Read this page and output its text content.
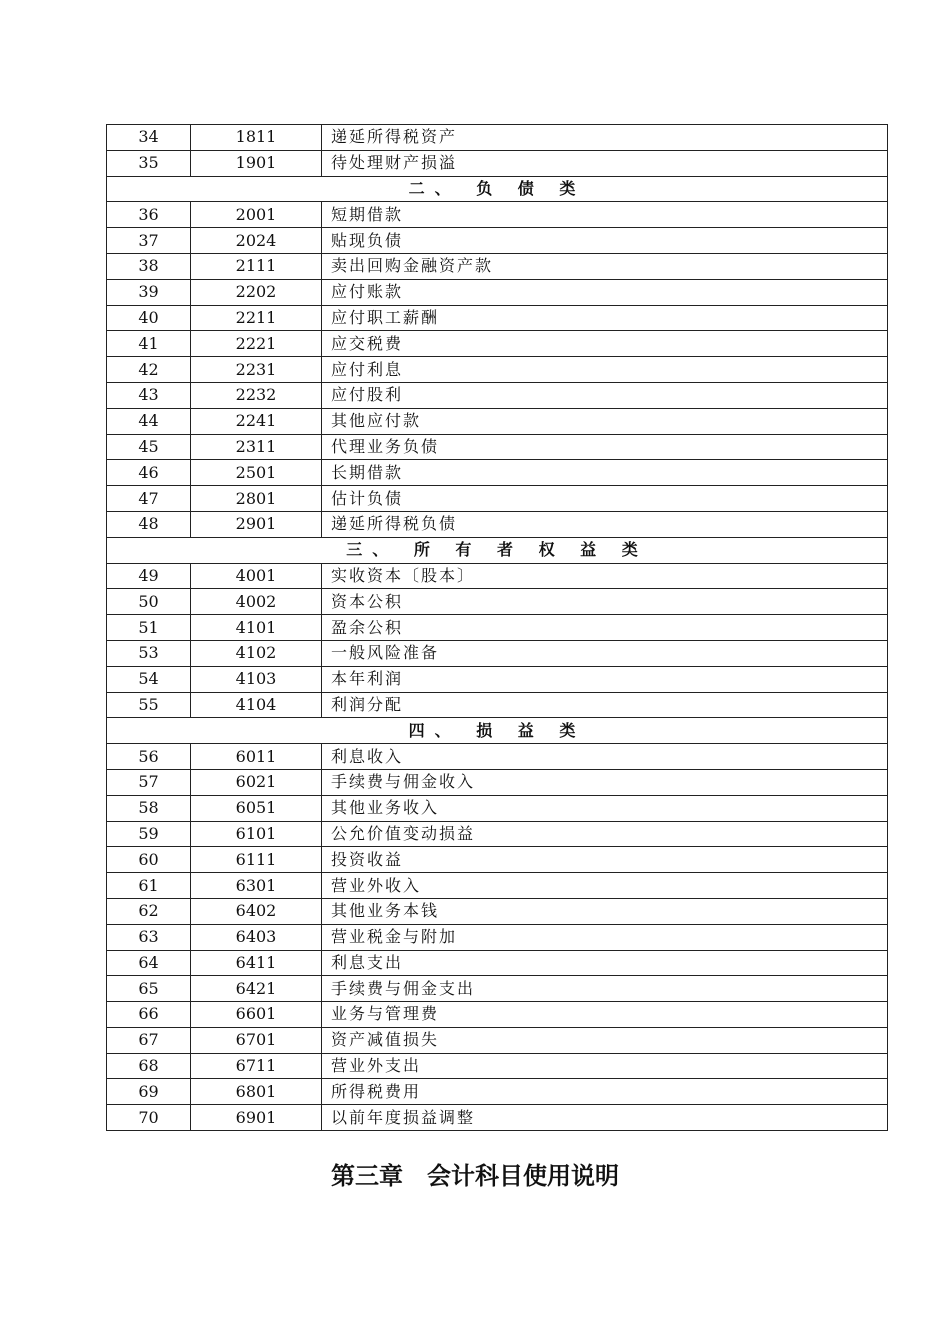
34	1811	递延所得税资产
35	1901	待处理财产损溢
二、 负 债 类		
36	2001	短期借款
37	2024	贴现负债
38	2111	卖出回购金融资产款
39	2202	应付账款
40	2211	应付职工薪酬
41	2221	应交税费
42	2231	应付利息
43	2232	应付股利
44	2241	其他应付款
45	2311	代理业务负债
46	2501	长期借款
47	2801	估计负债
48	2901	递延所得税负债
三、 所 有 者 权 益 类		
49	4001	实收资本〔股本〕
50	4002	资本公积
51	4101	盈余公积
53	4102	一般风险准备
54	4103	本年利润
55	4104	利润分配
四、 损 益 类		
56	6011	利息收入
57	6021	手续费与佣金收入
58	6051	其他业务收入
59	6101	公允价值变动损益
60	6111	投资收益
61	6301	营业外收入
62	6402	其他业务本钱
63	6403	营业税金与附加
64	6411	利息支出
65	6421	手续费与佣金支出
66	6601	业务与管理费
67	6701	资产减值损失
68	6711	营业外支出
69	6801	所得税费用
70	6901	以前年度损益调整
第三章　会计科目使用说明
